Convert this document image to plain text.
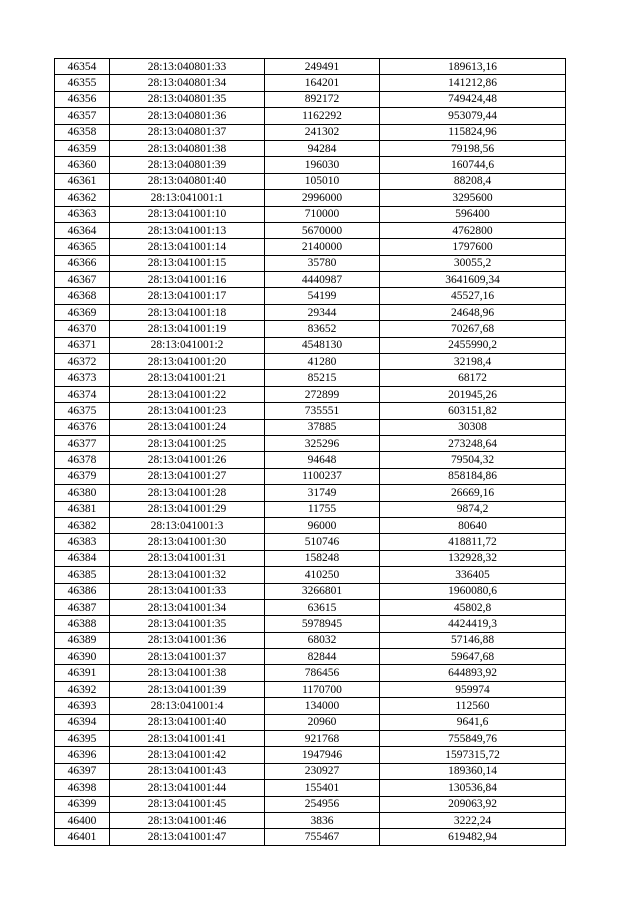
46354	28:13:040801:33	249491	189613,16
46355	28:13:040801:34	164201	141212,86
46356	28:13:040801:35	892172	749424,48
46357	28:13:040801:36	1162292	953079,44
46358	28:13:040801:37	241302	115824,96
46359	28:13:040801:38	94284	79198,56
46360	28:13:040801:39	196030	160744,6
46361	28:13:040801:40	105010	88208,4
46362	28:13:041001:1	2996000	3295600
46363	28:13:041001:10	710000	596400
46364	28:13:041001:13	5670000	4762800
46365	28:13:041001:14	2140000	1797600
46366	28:13:041001:15	35780	30055,2
46367	28:13:041001:16	4440987	3641609,34
46368	28:13:041001:17	54199	45527,16
46369	28:13:041001:18	29344	24648,96
46370	28:13:041001:19	83652	70267,68
46371	28:13:041001:2	4548130	2455990,2
46372	28:13:041001:20	41280	32198,4
46373	28:13:041001:21	85215	68172
46374	28:13:041001:22	272899	201945,26
46375	28:13:041001:23	735551	603151,82
46376	28:13:041001:24	37885	30308
46377	28:13:041001:25	325296	273248,64
46378	28:13:041001:26	94648	79504,32
46379	28:13:041001:27	1100237	858184,86
46380	28:13:041001:28	31749	26669,16
46381	28:13:041001:29	11755	9874,2
46382	28:13:041001:3	96000	80640
46383	28:13:041001:30	510746	418811,72
46384	28:13:041001:31	158248	132928,32
46385	28:13:041001:32	410250	336405
46386	28:13:041001:33	3266801	1960080,6
46387	28:13:041001:34	63615	45802,8
46388	28:13:041001:35	5978945	4424419,3
46389	28:13:041001:36	68032	57146,88
46390	28:13:041001:37	82844	59647,68
46391	28:13:041001:38	786456	644893,92
46392	28:13:041001:39	1170700	959974
46393	28:13:041001:4	134000	112560
46394	28:13:041001:40	20960	9641,6
46395	28:13:041001:41	921768	755849,76
46396	28:13:041001:42	1947946	1597315,72
46397	28:13:041001:43	230927	189360,14
46398	28:13:041001:44	155401	130536,84
46399	28:13:041001:45	254956	209063,92
46400	28:13:041001:46	3836	3222,24
46401	28:13:041001:47	755467	619482,94
